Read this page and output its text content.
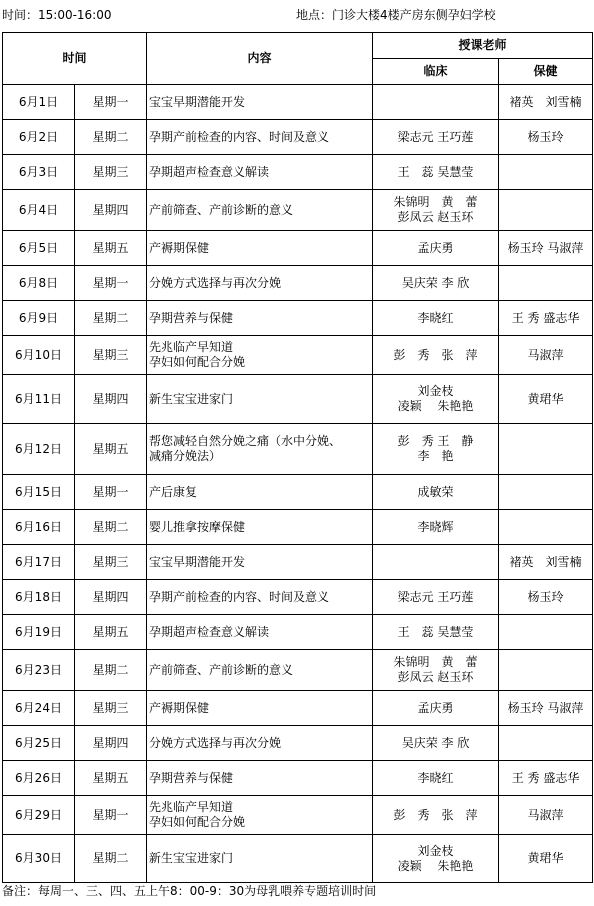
时间：15:00-16:00	地点：门诊大楼4楼产房东侧孕妇学校
时间		内容	授课老师	
			临床	保健
6月1日	星期一	宝宝早期潜能开发		褚英　刘雪楠
6月2日	星期二	孕期产前检查的内容、时间及意义	梁志元 王巧莲	杨玉玲
6月3日	星期三	孕期超声检查意义解读	王　蕊 吴慧莹	
6月4日	星期四	产前筛查、产前诊断的意义	朱锦明　黄　蕾
彭凤云 赵玉环	
6月5日	星期五	产褥期保健	孟庆勇	杨玉玲 马淑萍
6月8日	星期一	分娩方式选择与再次分娩	吴庆荣 李 欣	
6月9日	星期二	孕期营养与保健	李晓红	王 秀 盛志华
6月10日	星期三	先兆临产早知道
孕妇如何配合分娩	彭　秀　张　萍	马淑萍
6月11日	星期四	新生宝宝进家门	刘金枝
凌颖　 朱艳艳	黄珺华
6月12日	星期五	帮您减轻自然分娩之痛（水中分娩、
减痛分娩法）	彭　秀 王　静
李　艳	
6月15日	星期一	产后康复	成敏荣	
6月16日	星期二	婴儿推拿按摩保健	李晓辉	
6月17日	星期三	宝宝早期潜能开发		褚英　刘雪楠
6月18日	星期四	孕期产前检查的内容、时间及意义	梁志元 王巧莲	杨玉玲
6月19日	星期五	孕期超声检查意义解读	王　蕊 吴慧莹	
6月23日	星期二	产前筛查、产前诊断的意义	朱锦明　黄　蕾
彭凤云 赵玉环	
6月24日	星期三	产褥期保健	孟庆勇	杨玉玲 马淑萍
6月25日	星期四	分娩方式选择与再次分娩	吴庆荣 李 欣	
6月26日	星期五	孕期营养与保健	李晓红	王 秀 盛志华
6月29日	星期一	先兆临产早知道
孕妇如何配合分娩	彭　秀　张　萍	马淑萍
6月30日	星期二	新生宝宝进家门	刘金枝
凌颖　 朱艳艳	黄珺华
备注：每周一、三、四、五上午8：00-9：30为母乳喂养专题培训时间
